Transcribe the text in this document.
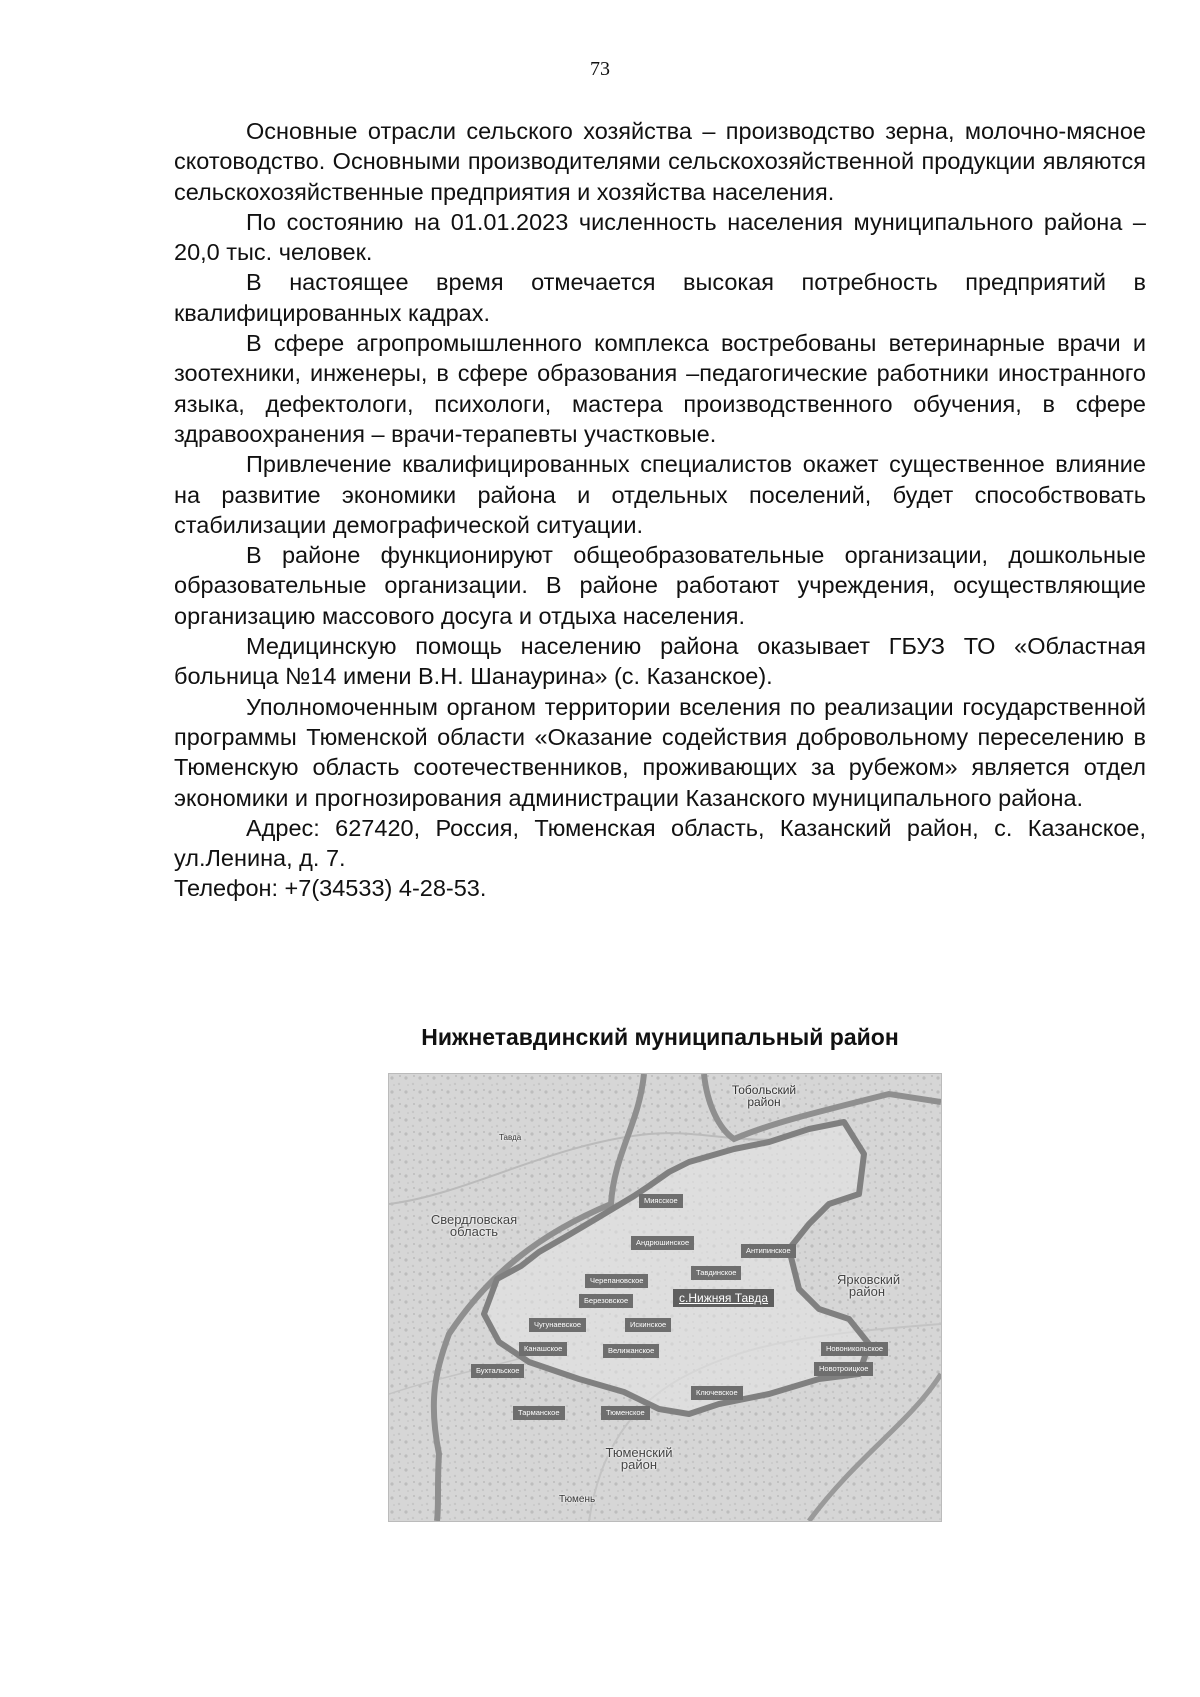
73

Основные отрасли сельского хозяйства – производство зерна, молочно-мясное скотоводство. Основными производителями сельскохозяйственной продукции являются сельскохозяйственные предприятия и хозяйства населения.

По состоянию на 01.01.2023 численность населения муниципального района – 20,0 тыс. человек.

В настоящее время отмечается высокая потребность предприятий в квалифицированных кадрах.

В сфере агропромышленного комплекса востребованы ветеринарные врачи и зоотехники, инженеры, в сфере образования –педагогические работники иностранного языка, дефектологи, психологи, мастера производственного обучения, в сфере здравоохранения – врачи-терапевты участковые.

Привлечение квалифицированных специалистов окажет существенное влияние на развитие экономики района и отдельных поселений, будет способствовать стабилизации демографической ситуации.

В районе функционируют общеобразовательные организации, дошкольные образовательные организации. В районе работают учреждения, осуществляющие организацию массового досуга и отдыха населения.

Медицинскую помощь населению района оказывает ГБУЗ ТО «Областная больница №14 имени В.Н. Шанаурина» (с. Казанское).

Уполномоченным органом территории вселения по реализации государственной программы Тюменской области «Оказание содействия добровольному переселению в Тюменскую область соотечественников, проживающих за рубежом» является отдел экономики и прогнозирования администрации Казанского муниципального района.

Адрес: 627420, Россия, Тюменская область, Казанский район, с. Казанское, ул.Ленина, д. 7.

Телефон: +7(34533) 4-28-53.

Нижнетавдинский муниципальный район
Тобольский район
Свердловская область
Ярковский район
Тюменский район
Тавда
Тюмень
Миясское
Андрюшинское
Антипинское
Черепановское
Тавдинское
с.Нижняя Тавда
Березовское
Чугунаевское	Искинское
Канашское	Велижанское
Бухтальское
Новоникольское
Новотроицкое
Ключевское
Тарманское	Тюменское
